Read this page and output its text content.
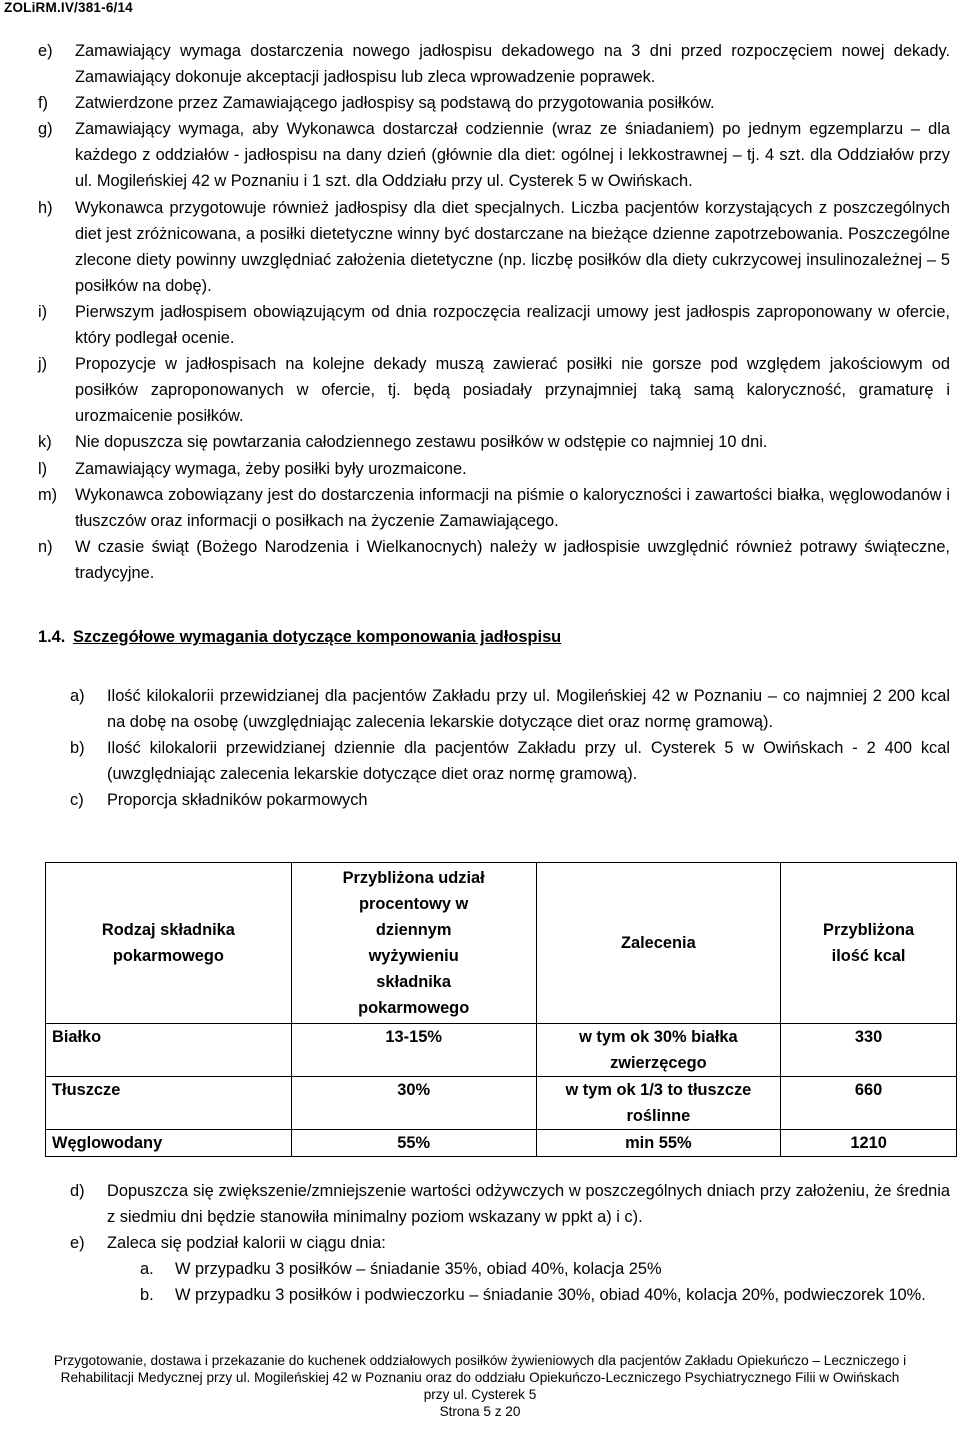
ZOLiRM.IV/381-6/14
e) Zamawiający wymaga dostarczenia nowego jadłospisu dekadowego na 3 dni przed rozpoczęciem nowej dekady. Zamawiający dokonuje akceptacji jadłospisu lub zleca wprowadzenie poprawek.
f) Zatwierdzone przez Zamawiającego jadłospisy są podstawą do przygotowania posiłków.
g) Zamawiający wymaga, aby Wykonawca dostarczał codziennie (wraz ze śniadaniem) po jednym egzemplarzu – dla każdego z oddziałów - jadłospisu na dany dzień (głównie dla diet: ogólnej i lekkostrawnej – tj. 4 szt. dla Oddziałów przy ul. Mogileńskiej 42 w Poznaniu i 1 szt. dla Oddziału przy ul. Cysterek 5 w Owińskach.
h) Wykonawca przygotowuje również jadłospisy dla diet specjalnych. Liczba pacjentów korzystających z poszczególnych diet jest zróżnicowana, a posiłki dietetyczne winny być dostarczane na bieżące dzienne zapotrzebowania. Poszczególne zlecone diety powinny uwzględniać założenia dietetyczne (np. liczbę posiłków dla diety cukrzycowej insulinozależnej – 5 posiłków na dobę).
i) Pierwszym jadłospisem obowiązującym od dnia rozpoczęcia realizacji umowy jest jadłospis zaproponowany w ofercie, który podlegał ocenie.
j) Propozycje w jadłospisach na kolejne dekady muszą zawierać posiłki nie gorsze pod względem jakościowym od posiłków zaproponowanych w ofercie, tj. będą posiadały przynajmniej taką samą kaloryczność, gramaturę i urozmaicenie posiłków.
k) Nie dopuszcza się powtarzania całodziennego zestawu posiłków w odstępie co najmniej 10 dni.
l) Zamawiający wymaga, żeby posiłki były urozmaicone.
m) Wykonawca zobowiązany jest do dostarczenia informacji na piśmie o kaloryczności i zawartości białka, węglowodanów i tłuszczów oraz informacji o posiłkach na życzenie Zamawiającego.
n) W czasie świąt (Bożego Narodzenia i Wielkanocnych) należy w jadłospisie uwzględnić również potrawy świąteczne, tradycyjne.
1.4. Szczegółowe wymagania dotyczące komponowania jadłospisu
a) Ilość kilokalorii przewidzianej dla pacjentów Zakładu przy ul. Mogileńskiej 42 w Poznaniu – co najmniej 2 200 kcal na dobę na osobę (uwzględniając zalecenia lekarskie dotyczące diet oraz normę gramową).
b) Ilość kilokalorii przewidzianej dziennie dla pacjentów Zakładu przy ul. Cysterek 5 w Owińskach - 2 400 kcal (uwzględniając zalecenia lekarskie dotyczące diet oraz normę gramową).
c) Proporcja składników pokarmowych
Rodzaj składnika pokarmowego	Przybliżona udział procentowy w dziennym wyżywieniu składnika pokarmowego	Zalecenia	Przybliżona ilość kcal
Białko	13-15%	w tym ok 30% białka zwierzęcego	330
Tłuszcze	30%	w tym ok 1/3 to tłuszcze roślinne	660
Węglowodany	55%	min 55%	1210
d) Dopuszcza się zwiększenie/zmniejszenie wartości odżywczych w poszczególnych dniach przy założeniu, że średnia z siedmiu dni będzie stanowiła minimalny poziom wskazany w ppkt a) i c).
e) Zaleca się podział kalorii w ciągu dnia:
a. W przypadku 3 posiłków – śniadanie 35%, obiad 40%, kolacja 25%
b. W przypadku 3 posiłków i podwieczorku – śniadanie 30%, obiad 40%, kolacja 20%, podwieczorek 10%.
Przygotowanie, dostawa i przekazanie do kuchenek oddziałowych posiłków żywieniowych dla pacjentów Zakładu Opiekuńczo – Leczniczego i
Rehabilitacji Medycznej przy ul. Mogileńskiej 42 w Poznaniu oraz do oddziału Opiekuńczo-Leczniczego Psychiatrycznego Filii w Owińskach
przy ul. Cysterek 5
Strona 5 z 20
